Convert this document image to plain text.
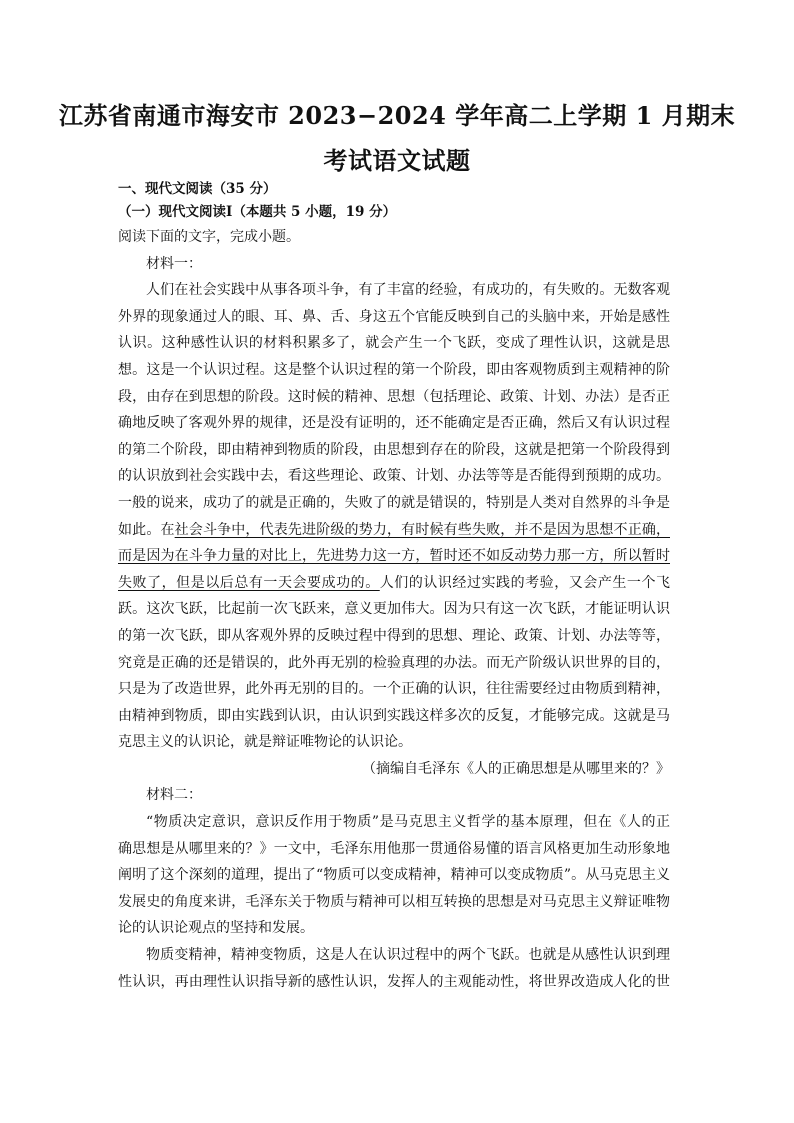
江苏省南通市海安市 2023−2024 学年高二上学期 1 月期末
考试语文试题
一、现代文阅读（35 分）
（一）现代文阅读Ⅰ（本题共 5 小题，19 分）
阅读下面的文字，完成小题。
材料一：
人们在社会实践中从事各项斗争，有了丰富的经验，有成功的，有失败的。无数客观
外界的现象通过人的眼、耳、鼻、舌、身这五个官能反映到自己的头脑中来，开始是感性
认识。这种感性认识的材料积累多了，就会产生一个飞跃，变成了理性认识，这就是思
想。这是一个认识过程。这是整个认识过程的第一个阶段，即由客观物质到主观精神的阶
段，由存在到思想的阶段。这时候的精神、思想（包括理论、政策、计划、办法）是否正
确地反映了客观外界的规律，还是没有证明的，还不能确定是否正确，然后又有认识过程
的第二个阶段，即由精神到物质的阶段，由思想到存在的阶段，这就是把第一个阶段得到
的认识放到社会实践中去，看这些理论、政策、计划、办法等等是否能得到预期的成功。
一般的说来，成功了的就是正确的，失败了的就是错误的，特别是人类对自然界的斗争是
如此。在社会斗争中，代表先进阶级的势力，有时候有些失败，并不是因为思想不正确，
而是因为在斗争力量的对比上，先进势力这一方，暂时还不如反动势力那一方，所以暂时
失败了，但是以后总有一天会要成功的。人们的认识经过实践的考验，又会产生一个飞
跃。这次飞跃，比起前一次飞跃来，意义更加伟大。因为只有这一次飞跃，才能证明认识
的第一次飞跃，即从客观外界的反映过程中得到的思想、理论、政策、计划、办法等等，
究竟是正确的还是错误的，此外再无别的检验真理的办法。而无产阶级认识世界的目的，
只是为了改造世界，此外再无别的目的。一个正确的认识，往往需要经过由物质到精神，
由精神到物质，即由实践到认识，由认识到实践这样多次的反复，才能够完成。这就是马
克思主义的认识论，就是辩证唯物论的认识论。
（摘编自毛泽东《人的正确思想是从哪里来的？》
材料二：
“物质决定意识，意识反作用于物质”是马克思主义哲学的基本原理，但在《人的正
确思想是从哪里来的？》一文中，毛泽东用他那一贯通俗易懂的语言风格更加生动形象地
阐明了这个深刻的道理，提出了“物质可以变成精神，精神可以变成物质”。从马克思主义
发展史的角度来讲，毛泽东关于物质与精神可以相互转换的思想是对马克思主义辩证唯物
论的认识论观点的坚持和发展。
物质变精神，精神变物质，这是人在认识过程中的两个飞跃。也就是从感性认识到理
性认识，再由理性认识指导新的感性认识，发挥人的主观能动性，将世界改造成人化的世
